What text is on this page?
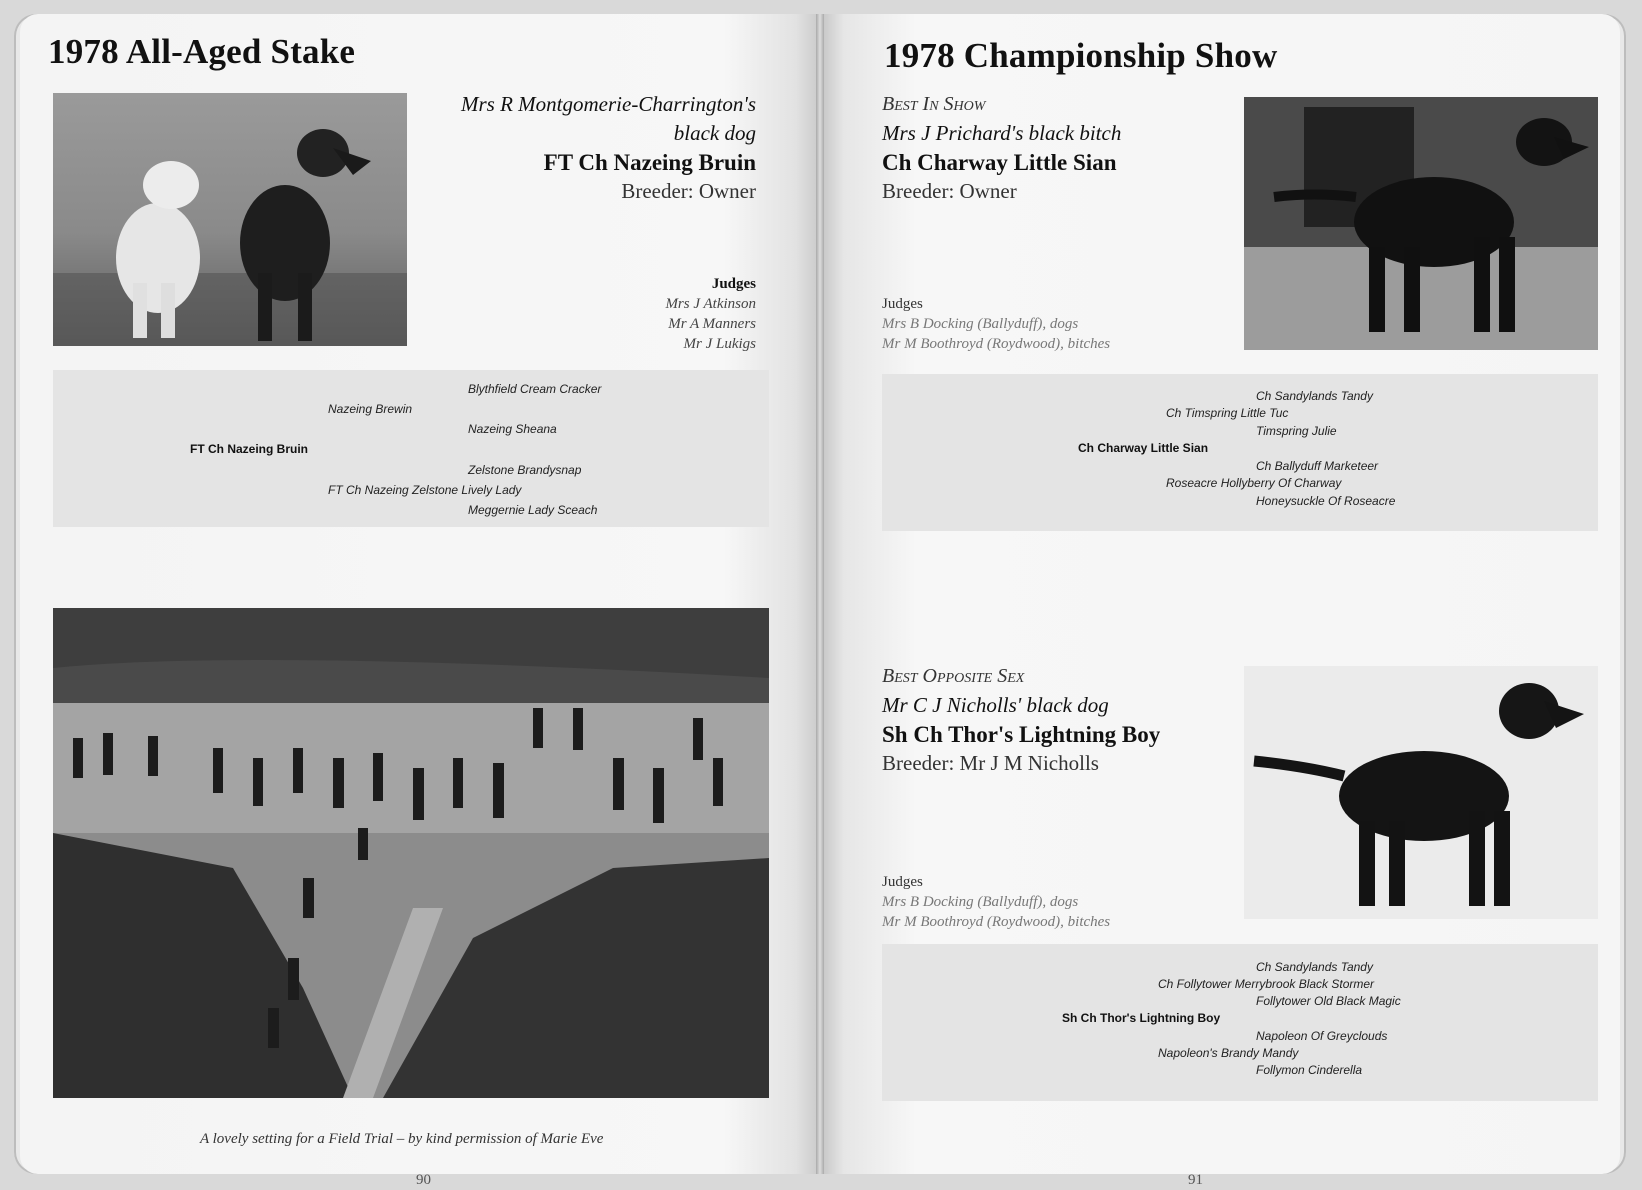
1978 All-Aged Stake
Mrs R Montgomerie-Charrington's
black dog
FT Ch Nazeing Bruin
Breeder: Owner
Judges
Mrs J Atkinson
Mr A Manners
Mr J Lukigs
Blythfield Cream Cracker
Nazeing Brewin
Nazeing Sheana
FT Ch Nazeing Bruin
Zelstone Brandysnap
FT Ch Nazeing Zelstone Lively Lady
Meggernie Lady Sceach
A lovely setting for a Field Trial – by kind permission of Marie Eve
90
1978 Championship Show
Best In Show
Mrs J Prichard's black bitch
Ch Charway Little Sian
Breeder: Owner
Judges
Mrs B Docking (Ballyduff), dogs
Mr M Boothroyd (Roydwood), bitches
Ch Sandylands Tandy
Ch Timspring Little Tuc
Timspring Julie
Ch Charway Little Sian
Ch Ballyduff Marketeer
Roseacre Hollyberry Of Charway
Honeysuckle Of Roseacre
Best Opposite Sex
Mr C J Nicholls' black dog
Sh Ch Thor's Lightning Boy
Breeder: Mr J M Nicholls
Judges
Mrs B Docking (Ballyduff), dogs
Mr M Boothroyd (Roydwood), bitches
Ch Sandylands Tandy
Ch Follytower Merrybrook Black Stormer
Follytower Old Black Magic
Sh Ch Thor's Lightning Boy
Napoleon Of Greyclouds
Napoleon's Brandy Mandy
Follymon Cinderella
91
